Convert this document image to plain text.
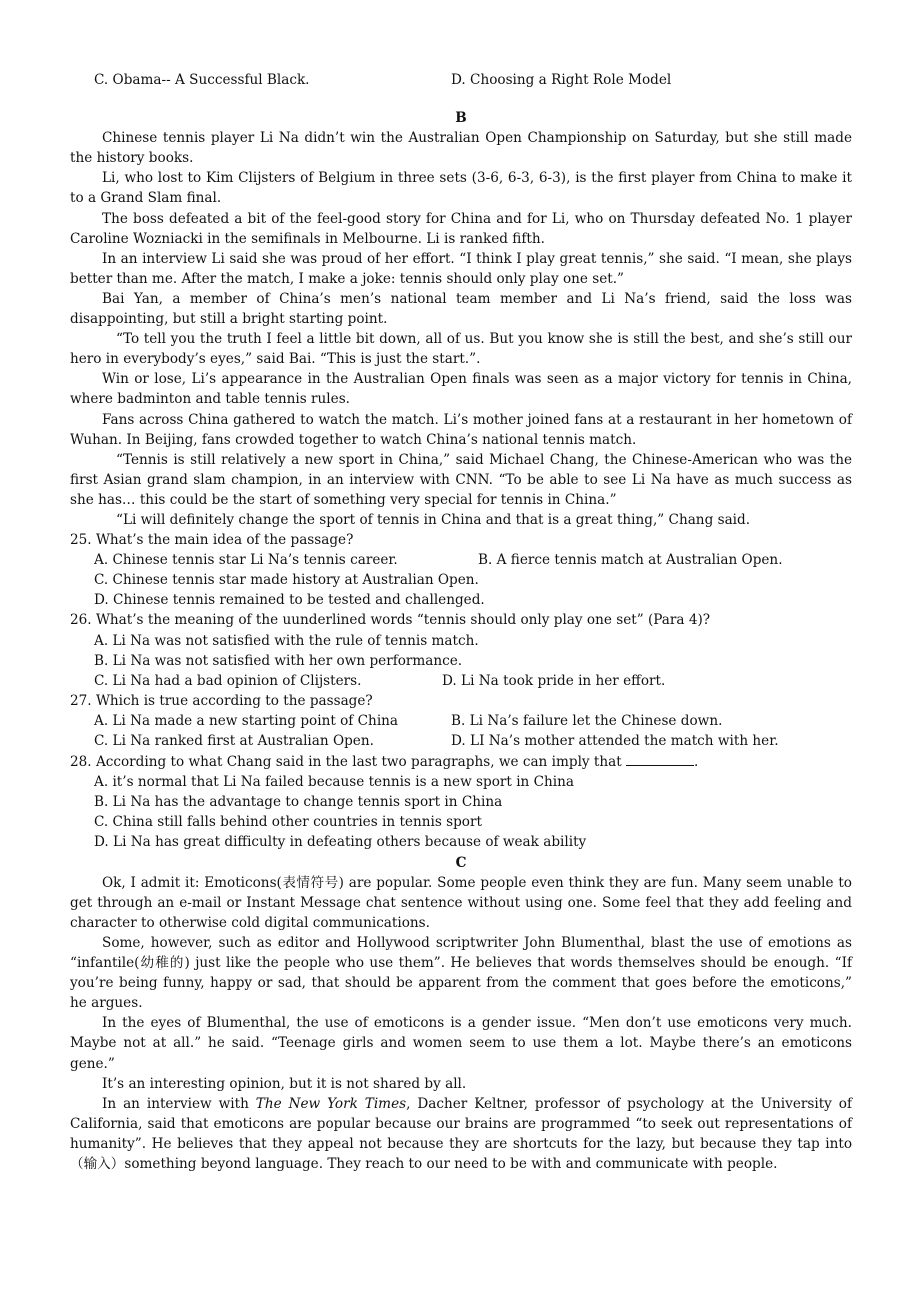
C. Obama-- A Successful Black.	D. Choosing a Right Role Model
B

Chinese tennis player Li Na didn’t win the Australian Open Championship on Saturday, but she still made the history books.

Li, who lost to Kim Clijsters of Belgium in three sets (3-6, 6-3, 6-3), is the first player from China to make it to a Grand Slam final.

The boss defeated a bit of the feel-good story for China and for Li, who on Thursday defeated No. 1 player Caroline Wozniacki in the semifinals in Melbourne. Li is ranked fifth.

In an interview Li said she was proud of her effort. “I think I play great tennis,” she said. “I mean, she plays better than me. After the match, I make a joke: tennis should only play one set.”

Bai Yan, a member of China’s men’s national team member and Li Na’s friend, said the loss was disappointing, but still a bright starting point.

“To tell you the truth I feel a little bit down, all of us. But you know she is still the best, and she’s still our hero in everybody’s eyes,” said Bai. “This is just the start.”.

Win or lose, Li’s appearance in the Australian Open finals was seen as a major victory for tennis in China, where badminton and table tennis rules.

Fans across China gathered to watch the match. Li’s mother joined fans at a restaurant in her hometown of Wuhan. In Beijing, fans crowded together to watch China’s national tennis match.

“Tennis is still relatively a new sport in China,” said Michael Chang, the Chinese-American who was the first Asian grand slam champion, in an interview with CNN. “To be able to see Li Na have as much success as she has… this could be the start of something very special for tennis in China.”

“Li will definitely change the sport of tennis in China and that is a great thing,” Chang said.

25. What’s the main idea of the passage?
A. Chinese tennis star Li Na’s tennis career.	B. A fierce tennis match at Australian Open.
C. Chinese tennis star made history at Australian Open.
D. Chinese tennis remained to be tested and challenged.
26. What’s the meaning of the uunderlined words “tennis should only play one set” (Para 4)?
A. Li Na was not satisfied with the rule of tennis match.
B. Li Na was not satisfied with her own performance.
C. Li Na had a bad opinion of Clijsters.	D. Li Na took pride in her effort.
27. Which is true according to the passage?
A. Li Na made a new starting point of China	B. Li Na’s failure let the Chinese down.
C. Li Na ranked first at Australian Open.	D. LI Na’s mother attended the match with her.
28. According to what Chang said in the last two paragraphs, we can imply that	.
A. it’s normal that Li Na failed because tennis is a new sport in China
B. Li Na has the advantage to change tennis sport in China
C. China still falls behind other countries in tennis sport
D. Li Na has great difficulty in defeating others because of weak ability
C

Ok, I admit it: Emoticons(表情符号) are popular. Some people even think they are fun. Many seem unable to get through an e-mail or Instant Message chat sentence without using one. Some feel that they add feeling and character to otherwise cold digital communications.

Some, however, such as editor and Hollywood scriptwriter John Blumenthal, blast the use of emotions as “infantile(幼稚的) just like the people who use them”. He believes that words themselves should be enough. “If you’re being funny, happy or sad, that should be apparent from the comment that goes before the emoticons,” he argues.

In the eyes of Blumenthal, the use of emoticons is a gender issue. “Men don’t use emoticons very much. Maybe not at all.” he said. “Teenage girls and women seem to use them a lot. Maybe there’s an emoticons gene.”

It’s an interesting opinion, but it is not shared by all.

In an interview with The New York Times, Dacher Keltner, professor of psychology at the University of California, said that emoticons are popular because our brains are programmed “to seek out representations of humanity”. He believes that they appeal not because they are shortcuts for the lazy, but because they tap into（输入）something beyond language. They reach to our need to be with and communicate with people.
